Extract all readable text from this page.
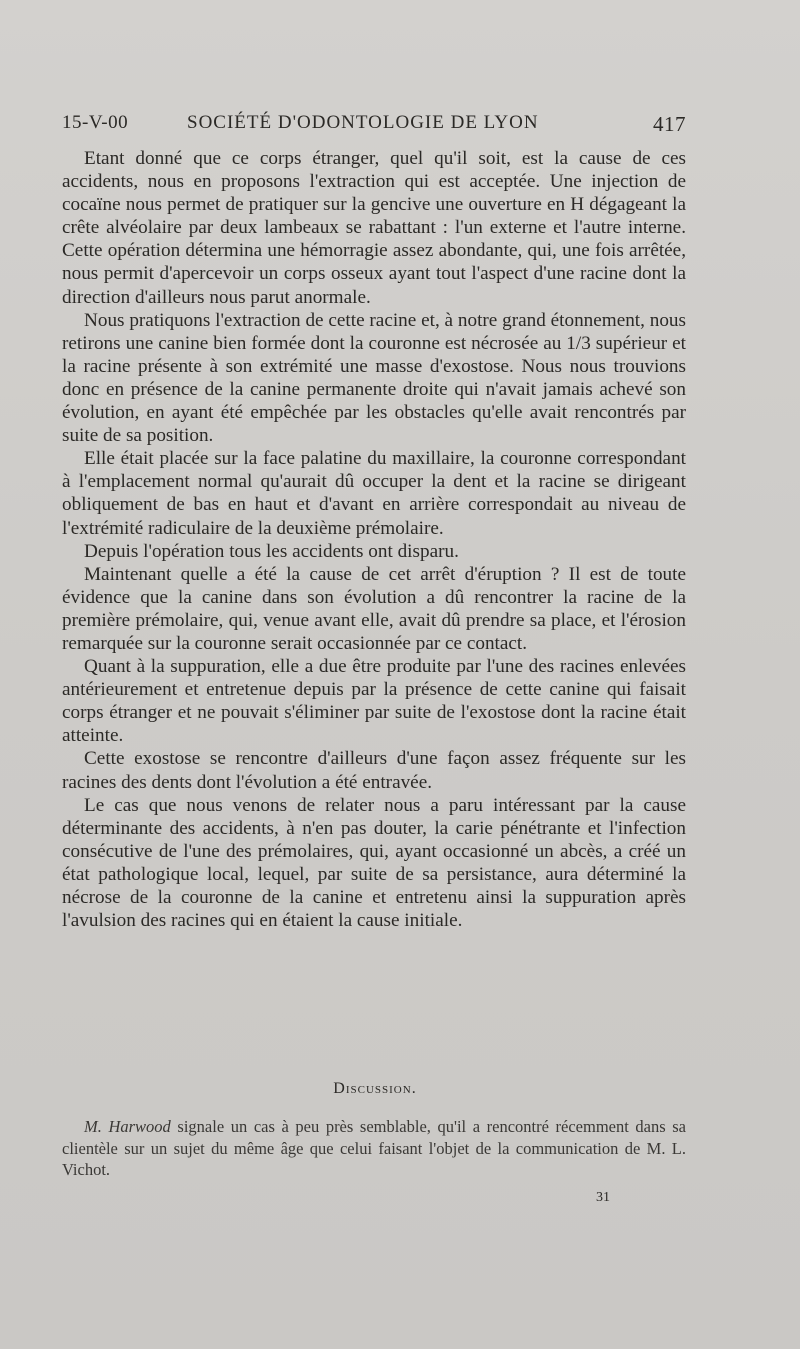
15-V-00	SOCIÉTÉ D'ODONTOLOGIE DE LYON	417

Etant donné que ce corps étranger, quel qu'il soit, est la cause de ces accidents, nous en proposons l'extraction qui est acceptée. Une injection de cocaïne nous permet de pratiquer sur la gencive une ouverture en H dégageant la crête alvéolaire par deux lambeaux se rabattant : l'un externe et l'autre interne. Cette opération détermina une hémorragie assez abondante, qui, une fois arrêtée, nous permit d'apercevoir un corps osseux ayant tout l'aspect d'une racine dont la direction d'ailleurs nous parut anormale.

Nous pratiquons l'extraction de cette racine et, à notre grand étonnement, nous retirons une canine bien formée dont la couronne est nécrosée au 1/3 supérieur et la racine présente à son extrémité une masse d'exostose. Nous nous trouvions donc en présence de la canine permanente droite qui n'avait jamais achevé son évolution, en ayant été empêchée par les obstacles qu'elle avait rencontrés par suite de sa position.

Elle était placée sur la face palatine du maxillaire, la couronne correspondant à l'emplacement normal qu'aurait dû occuper la dent et la racine se dirigeant obliquement de bas en haut et d'avant en arrière correspondait au niveau de l'extrémité radiculaire de la deuxième prémolaire.

Depuis l'opération tous les accidents ont disparu.

Maintenant quelle a été la cause de cet arrêt d'éruption ? Il est de toute évidence que la canine dans son évolution a dû rencontrer la racine de la première prémolaire, qui, venue avant elle, avait dû prendre sa place, et l'érosion remarquée sur la couronne serait occasionnée par ce contact.

Quant à la suppuration, elle a due être produite par l'une des racines enlevées antérieurement et entretenue depuis par la présence de cette canine qui faisait corps étranger et ne pouvait s'éliminer par suite de l'exostose dont la racine était atteinte.

Cette exostose se rencontre d'ailleurs d'une façon assez fréquente sur les racines des dents dont l'évolution a été entravée.

Le cas que nous venons de relater nous a paru intéressant par la cause déterminante des accidents, à n'en pas douter, la carie pénétrante et l'infection consécutive de l'une des prémolaires, qui, ayant occasionné un abcès, a créé un état pathologique local, lequel, par suite de sa persistance, aura déterminé la nécrose de la couronne de la canine et entretenu ainsi la suppuration après l'avulsion des racines qui en étaient la cause initiale.

Discussion.

M. Harwood signale un cas à peu près semblable, qu'il a rencontré récemment dans sa clientèle sur un sujet du même âge que celui faisant l'objet de la communication de M. L. Vichot.

31
